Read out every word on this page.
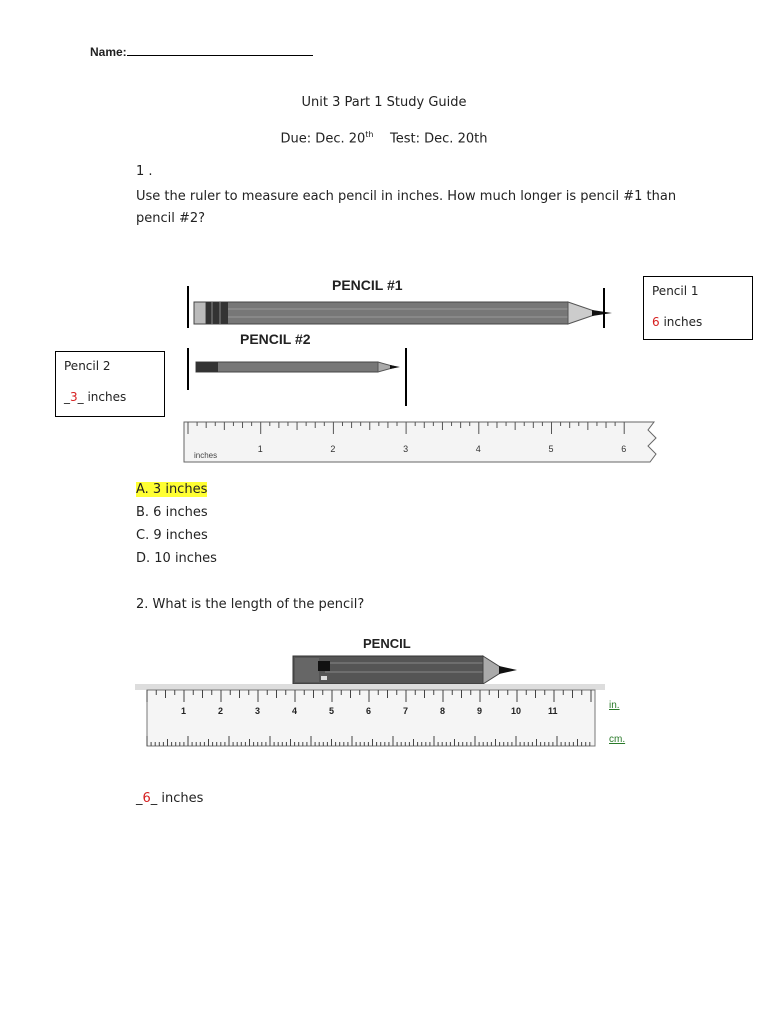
Name:
Unit 3 Part 1 Study Guide
Due: Dec. 20th Test: Dec. 20th
1 .
Use the ruler to measure each pencil in inches. How much longer is pencil #1 than pencil #2?
PENCIL #1
PENCIL #2
inches
1	2	3	4	5	6
Pencil 1
6 inches
Pencil 2
_3_ inches
A. 3 inches
B. 6 inches
C. 9 inches
D. 10 inches
2. What is the length of the pencil?
PENCIL
1	2	3	4	5	6	7	8	9	10	11	in.
cm.
_6_ inches
